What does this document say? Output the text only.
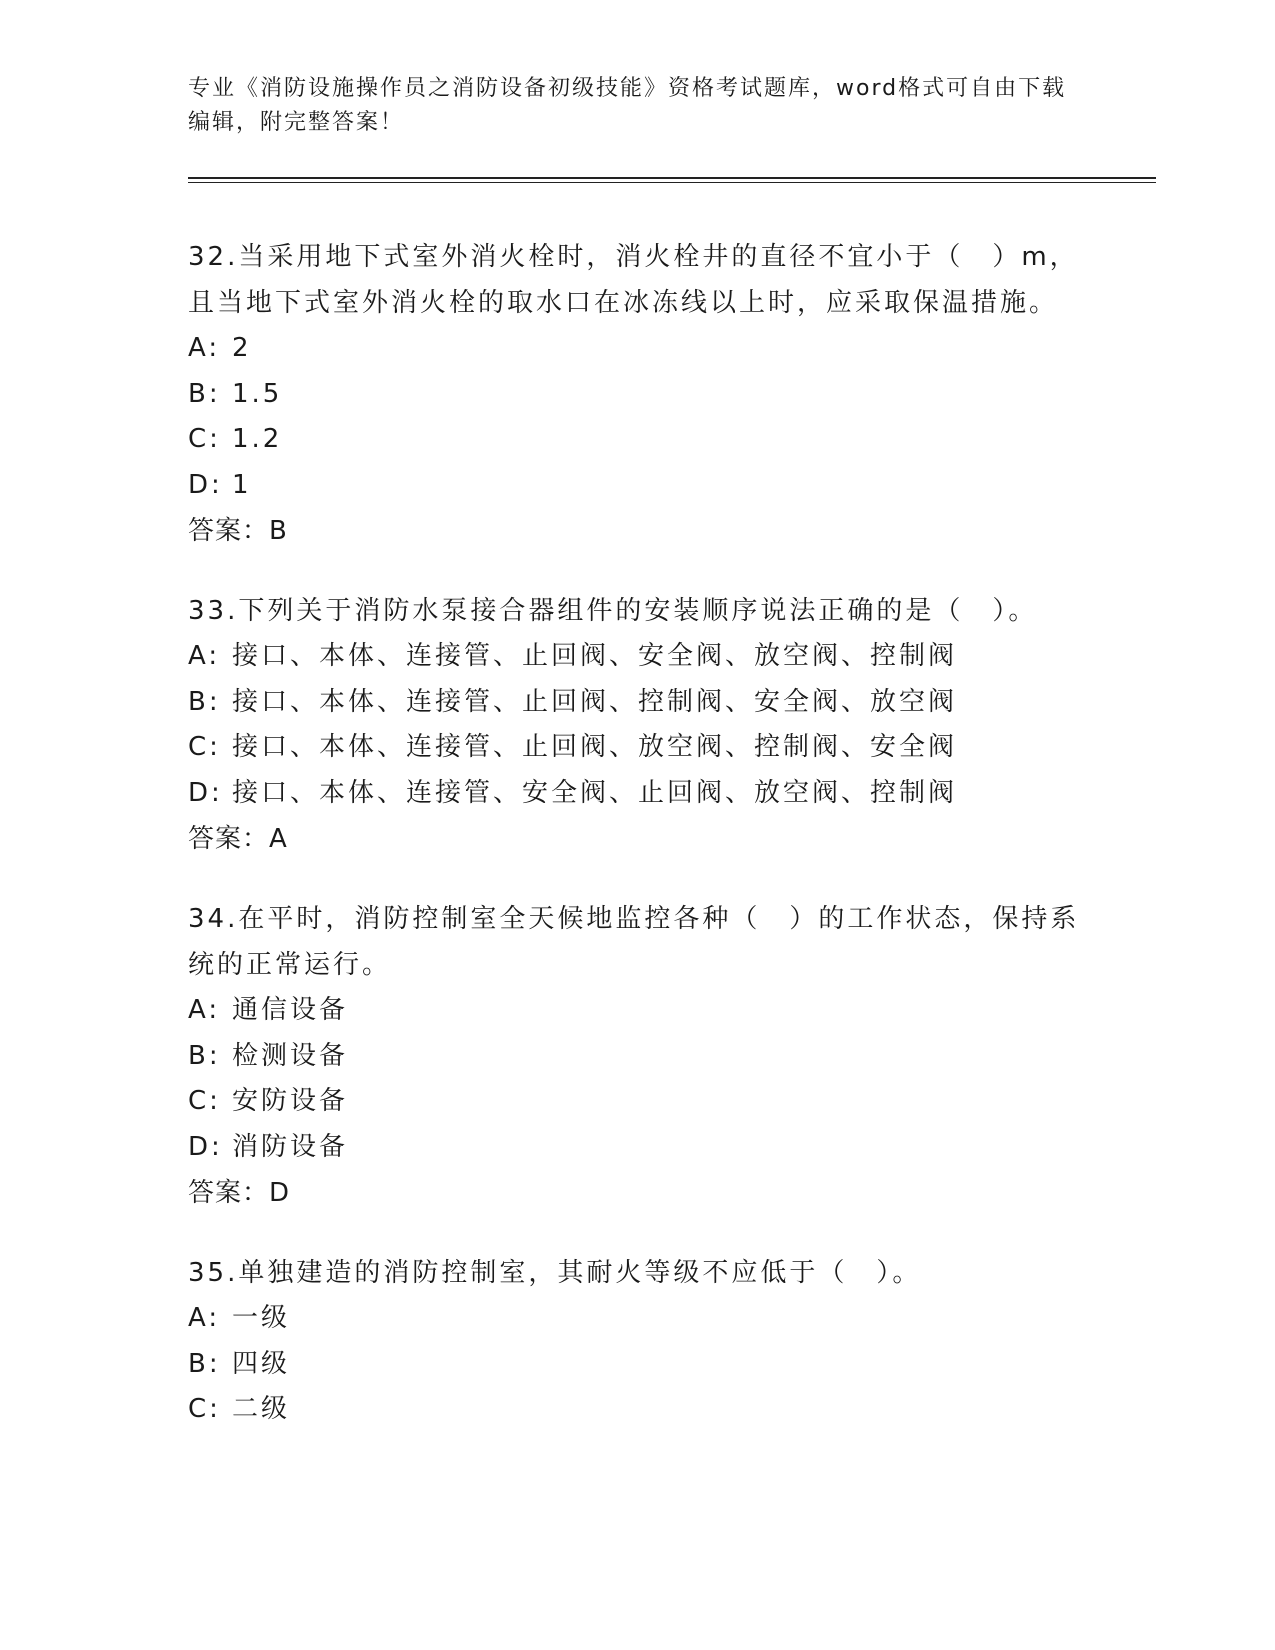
专业《消防设施操作员之消防设备初级技能》资格考试题库，word格式可自由下载编辑，附完整答案！
32.当采用地下式室外消火栓时，消火栓井的直径不宜小于（　）m，且当地下式室外消火栓的取水口在冰冻线以上时，应采取保温措施。
A: 2
B: 1.5
C: 1.2
D: 1
答案：B
33.下列关于消防水泵接合器组件的安装顺序说法正确的是（　）。
A: 接口、本体、连接管、止回阀、安全阀、放空阀、控制阀
B: 接口、本体、连接管、止回阀、控制阀、安全阀、放空阀
C: 接口、本体、连接管、止回阀、放空阀、控制阀、安全阀
D: 接口、本体、连接管、安全阀、止回阀、放空阀、控制阀
答案：A
34.在平时，消防控制室全天候地监控各种（　）的工作状态，保持系统的正常运行。
A: 通信设备
B: 检测设备
C: 安防设备
D: 消防设备
答案：D
35.单独建造的消防控制室，其耐火等级不应低于（　）。
A: 一级
B: 四级
C: 二级
